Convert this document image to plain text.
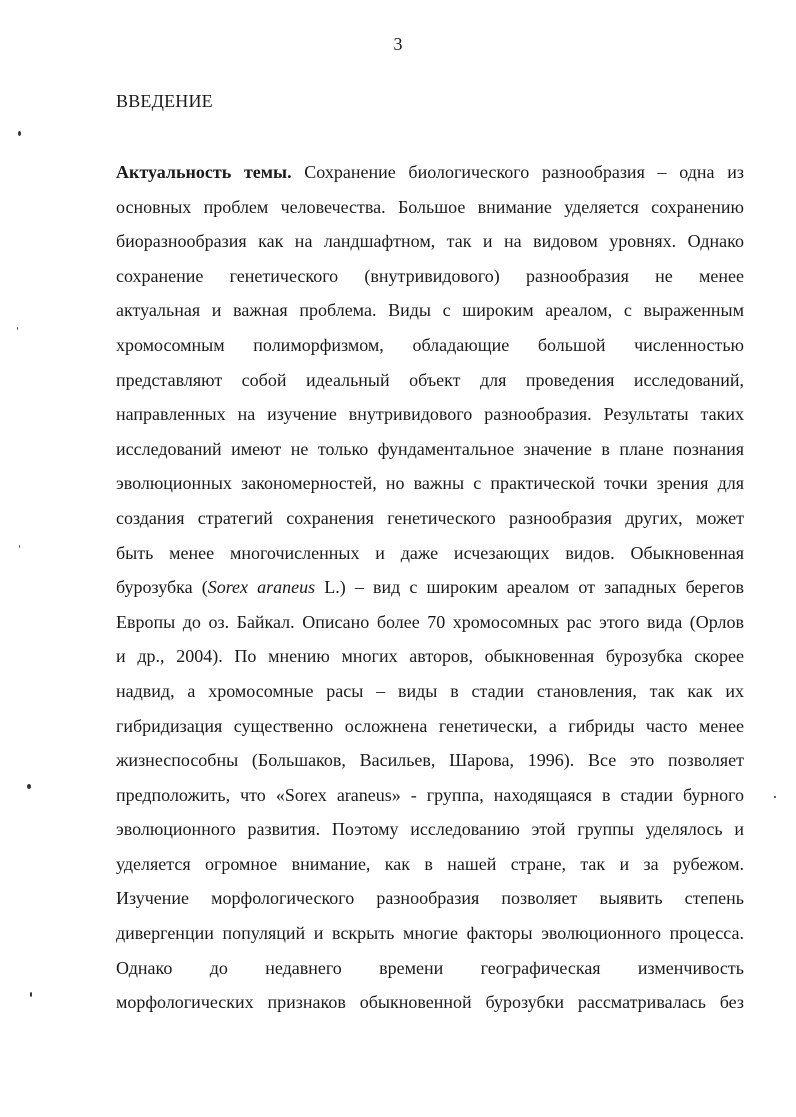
3
ВВЕДЕНИЕ
Актуальность темы. Сохранение биологического разнообразия – одна из
основных проблем человечества. Большое внимание уделяется сохранению
биоразнообразия как на ландшафтном, так и на видовом уровнях. Однако
сохранение генетического (внутривидового) разнообразия не менее
актуальная и важная проблема. Виды с широким ареалом, с выраженным
хромосомным полиморфизмом, обладающие большой численностью
представляют собой идеальный объект для проведения исследований,
направленных на изучение внутривидового разнообразия. Результаты таких
исследований имеют не только фундаментальное значение в плане познания
эволюционных закономерностей, но важны с практической точки зрения для
создания стратегий сохранения генетического разнообразия других, может
быть менее многочисленных и даже исчезающих видов. Обыкновенная
бурозубка (Sorex araneus L.) – вид с широким ареалом от западных берегов
Европы до оз. Байкал. Описано более 70 хромосомных рас этого вида (Орлов
и др., 2004). По мнению многих авторов, обыкновенная бурозубка скорее
надвид, а хромосомные расы – виды в стадии становления, так как их
гибридизация существенно осложнена генетически, а гибриды часто менее
жизнеспособны (Большаков, Васильев, Шарова, 1996). Все это позволяет
предположить, что «Sorex araneus» - группа, находящаяся в стадии бурного
эволюционного развития. Поэтому исследованию этой группы уделялось и
уделяется огромное внимание, как в нашей стране, так и за рубежом.
Изучение морфологического разнообразия позволяет выявить степень
дивергенции популяций и вскрыть многие факторы эволюционного процесса.
Однако до недавнего времени географическая изменчивость
морфологических признаков обыкновенной бурозубки рассматривалась без
